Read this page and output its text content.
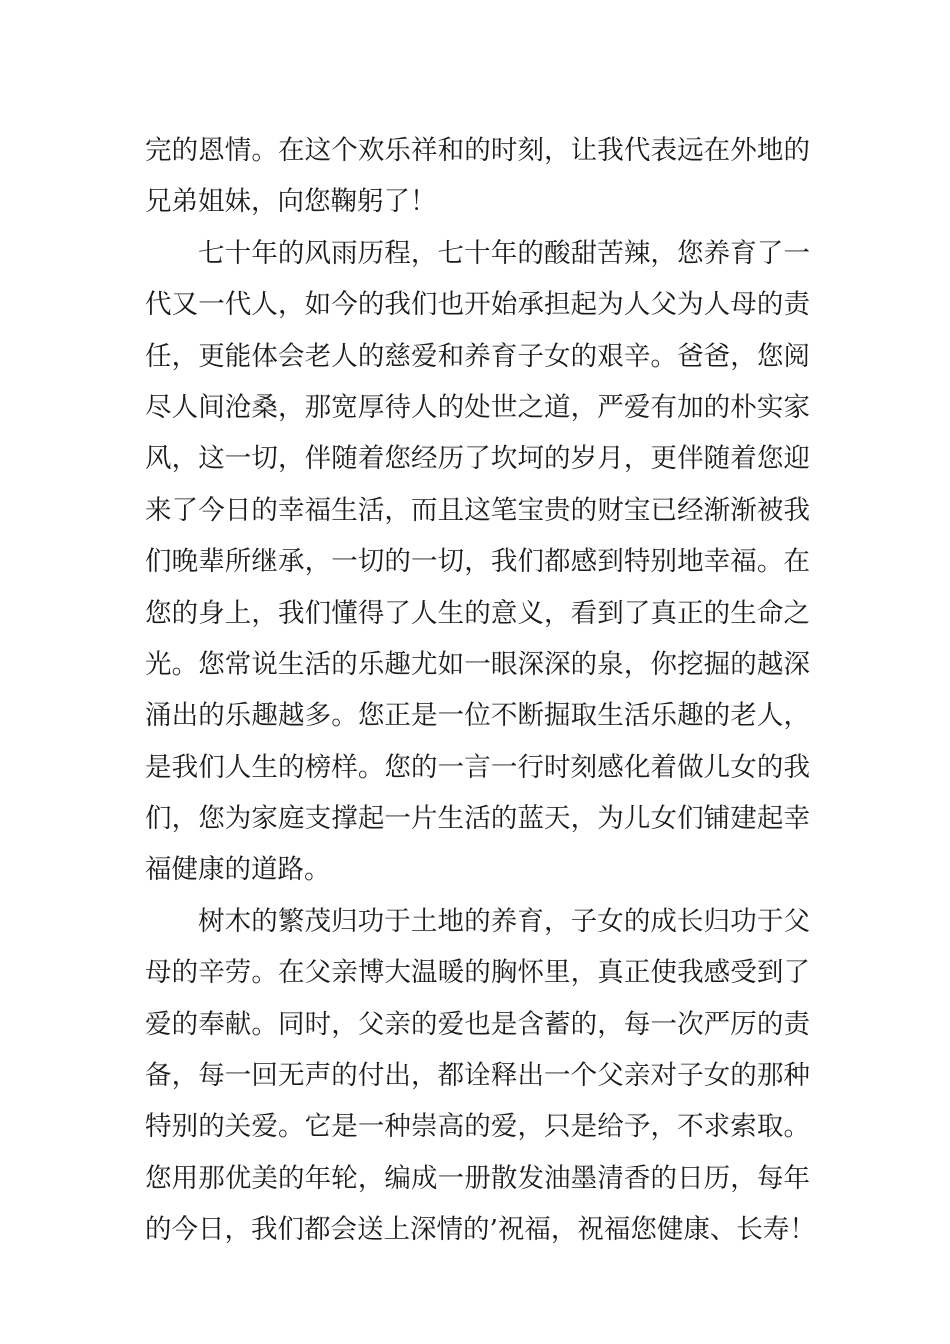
完的恩情。在这个欢乐祥和的时刻，让我代表远在外地的
兄弟姐妹，向您鞠躬了！
七十年的风雨历程，七十年的酸甜苦辣，您养育了一
代又一代人，如今的我们也开始承担起为人父为人母的责
任，更能体会老人的慈爱和养育子女的艰辛。爸爸，您阅
尽人间沧桑，那宽厚待人的处世之道，严爱有加的朴实家
风，这一切，伴随着您经历了坎坷的岁月，更伴随着您迎
来了今日的幸福生活，而且这笔宝贵的财宝已经渐渐被我
们晚辈所继承，一切的一切，我们都感到特别地幸福。在
您的身上，我们懂得了人生的意义，看到了真正的生命之
光。您常说生活的乐趣尤如一眼深深的泉，你挖掘的越深
涌出的乐趣越多。您正是一位不断掘取生活乐趣的老人，
是我们人生的榜样。您的一言一行时刻感化着做儿女的我
们，您为家庭支撑起一片生活的蓝天，为儿女们铺建起幸
福健康的道路。
树木的繁茂归功于土地的养育，子女的成长归功于父
母的辛劳。在父亲博大温暖的胸怀里，真正使我感受到了
爱的奉献。同时，父亲的爱也是含蓄的，每一次严厉的责
备，每一回无声的付出，都诠释出一个父亲对子女的那种
特别的关爱。它是一种崇高的爱，只是给予，不求索取。
您用那优美的年轮，编成一册散发油墨清香的日历，每年
的今日，我们都会送上深情的’祝福，祝福您健康、长寿！
